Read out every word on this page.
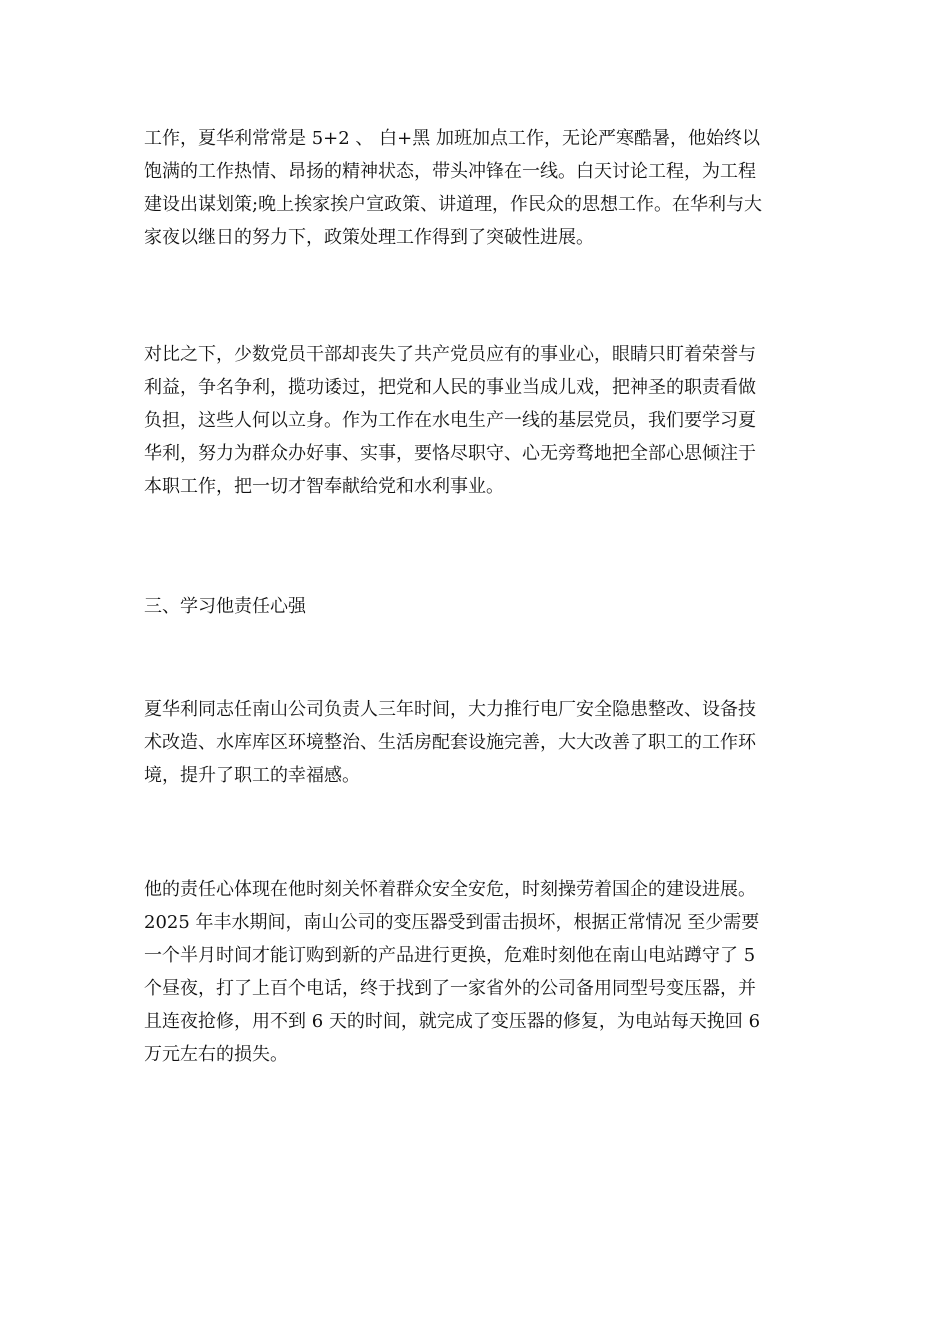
工作，夏华利常常是 5+2 、 白+黑 加班加点工作，无论严寒酷暑，他始终以
饱满的工作热情、昂扬的精神状态，带头冲锋在一线。白天讨论工程，为工程
建设出谋划策;晚上挨家挨户宣政策、讲道理，作民众的思想工作。在华利与大
家夜以继日的努力下，政策处理工作得到了突破性进展。

对比之下，少数党员干部却丧失了共产党员应有的事业心，眼睛只盯着荣誉与
利益，争名争利，揽功诿过，把党和人民的事业当成儿戏，把神圣的职责看做
负担，这些人何以立身。作为工作在水电生产一线的基层党员，我们要学习夏
华利，努力为群众办好事、实事，要恪尽职守、心无旁骛地把全部心思倾注于
本职工作，把一切才智奉献给党和水利事业。

三、学习他责任心强

夏华利同志任南山公司负责人三年时间，大力推行电厂安全隐患整改、设备技
术改造、水库库区环境整治、生活房配套设施完善，大大改善了职工的工作环
境，提升了职工的幸福感。

他的责任心体现在他时刻关怀着群众安全安危，时刻操劳着国企的建设进展。
2025 年丰水期间，南山公司的变压器受到雷击损坏，根据正常情况 至少需要
一个半月时间才能订购到新的产品进行更换，危难时刻他在南山电站蹲守了 5
个昼夜，打了上百个电话，终于找到了一家省外的公司备用同型号变压器，并
且连夜抢修，用不到 6 天的时间，就完成了变压器的修复，为电站每天挽回 6
万元左右的损失。
